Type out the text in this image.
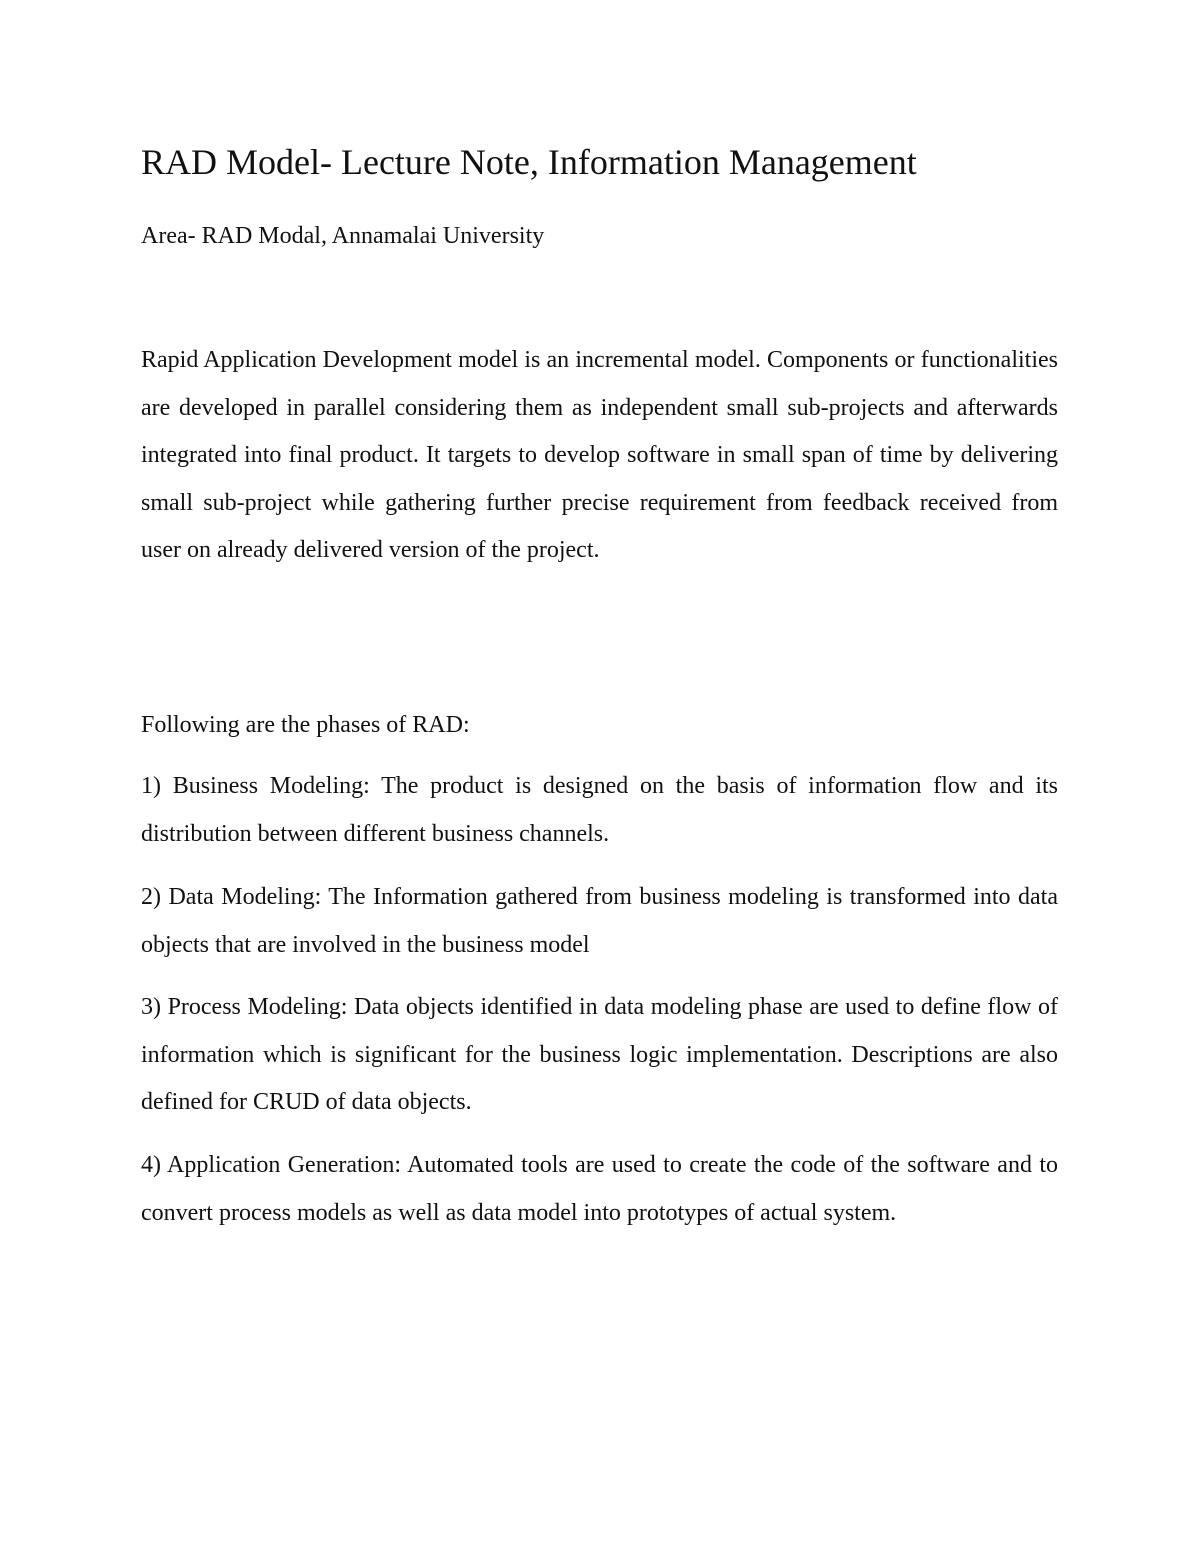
RAD Model- Lecture Note, Information Management

Area- RAD Modal, Annamalai University

Rapid Application Development model is an incremental model. Components or functionalities are developed in parallel considering them as independent small sub-projects and afterwards integrated into final product. It targets to develop software in small span of time by delivering small sub-project while gathering further precise requirement from feedback received from user on already delivered version of the project.

Following are the phases of RAD:

1) Business Modeling: The product is designed on the basis of information flow and its distribution between different business channels.

2) Data Modeling: The Information gathered from business modeling is transformed into data objects that are involved in the business model

3) Process Modeling: Data objects identified in data modeling phase are used to define flow of information which is significant for the business logic implementation. Descriptions are also defined for CRUD of data objects.

4) Application Generation: Automated tools are used to create the code of the software and to convert process models as well as data model into prototypes of actual system.
